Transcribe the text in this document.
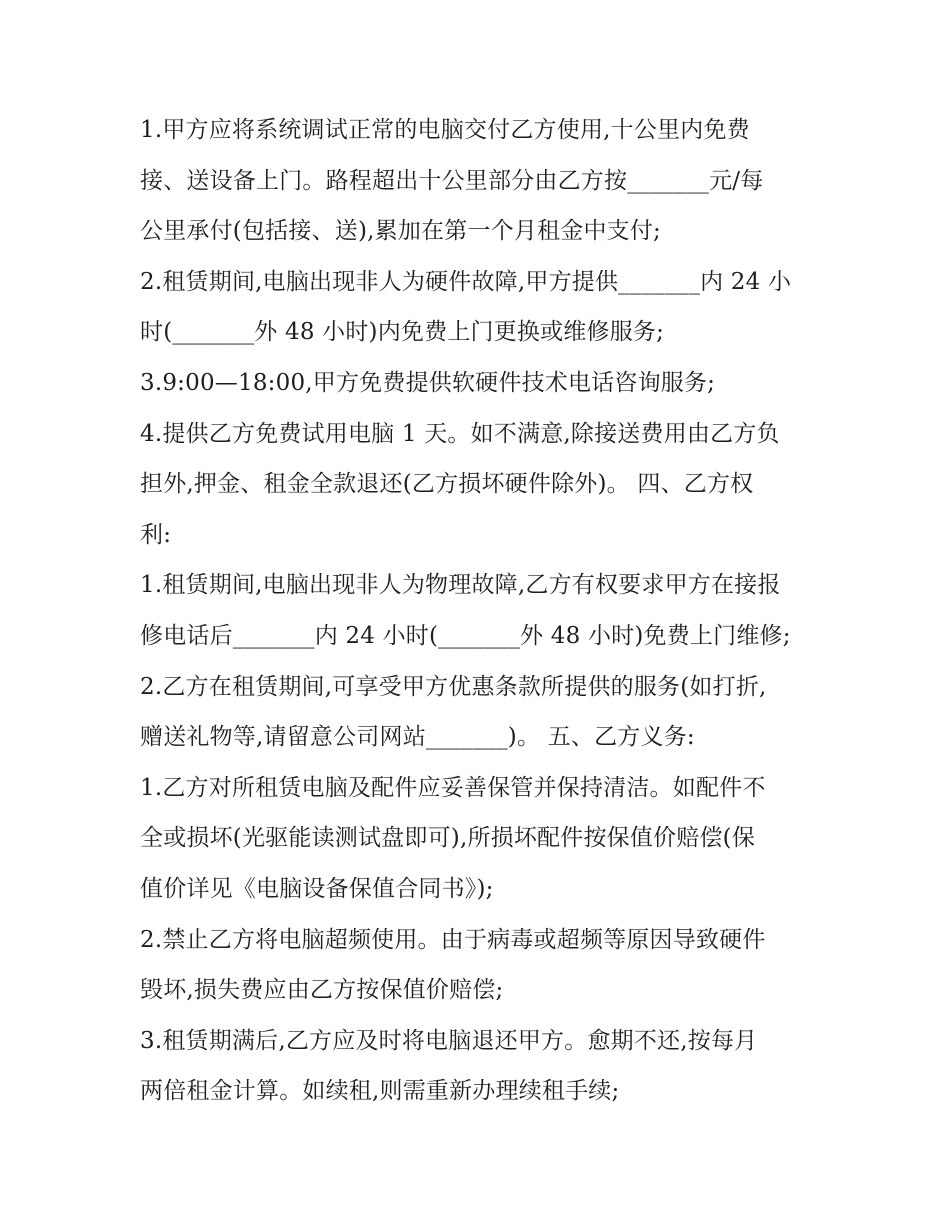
1.甲方应将系统调试正常的电脑交付乙方使用,十公里内免费
接、送设备上门。路程超出十公里部分由乙方按_______元/每
公里承付(包括接、送),累加在第一个月租金中支付;
2.租赁期间,电脑出现非人为硬件故障,甲方提供_______内 24 小
时(_______外 48 小时)内免费上门更换或维修服务;
3.9:00—18:00,甲方免费提供软硬件技术电话咨询服务;
4.提供乙方免费试用电脑 1 天。如不满意,除接送费用由乙方负
担外,押金、租金全款退还(乙方损坏硬件除外)。 四、乙方权
利:
1.租赁期间,电脑出现非人为物理故障,乙方有权要求甲方在接报
修电话后_______内 24 小时(_______外 48 小时)免费上门维修;
2.乙方在租赁期间,可享受甲方优惠条款所提供的服务(如打折,
赠送礼物等,请留意公司网站_______)。 五、乙方义务:
1.乙方对所租赁电脑及配件应妥善保管并保持清洁。如配件不
全或损坏(光驱能读测试盘即可),所损坏配件按保值价赔偿(保
值价详见《电脑设备保值合同书》);
2.禁止乙方将电脑超频使用。由于病毒或超频等原因导致硬件
毁坏,损失费应由乙方按保值价赔偿;
3.租赁期满后,乙方应及时将电脑退还甲方。愈期不还,按每月
两倍租金计算。如续租,则需重新办理续租手续;
